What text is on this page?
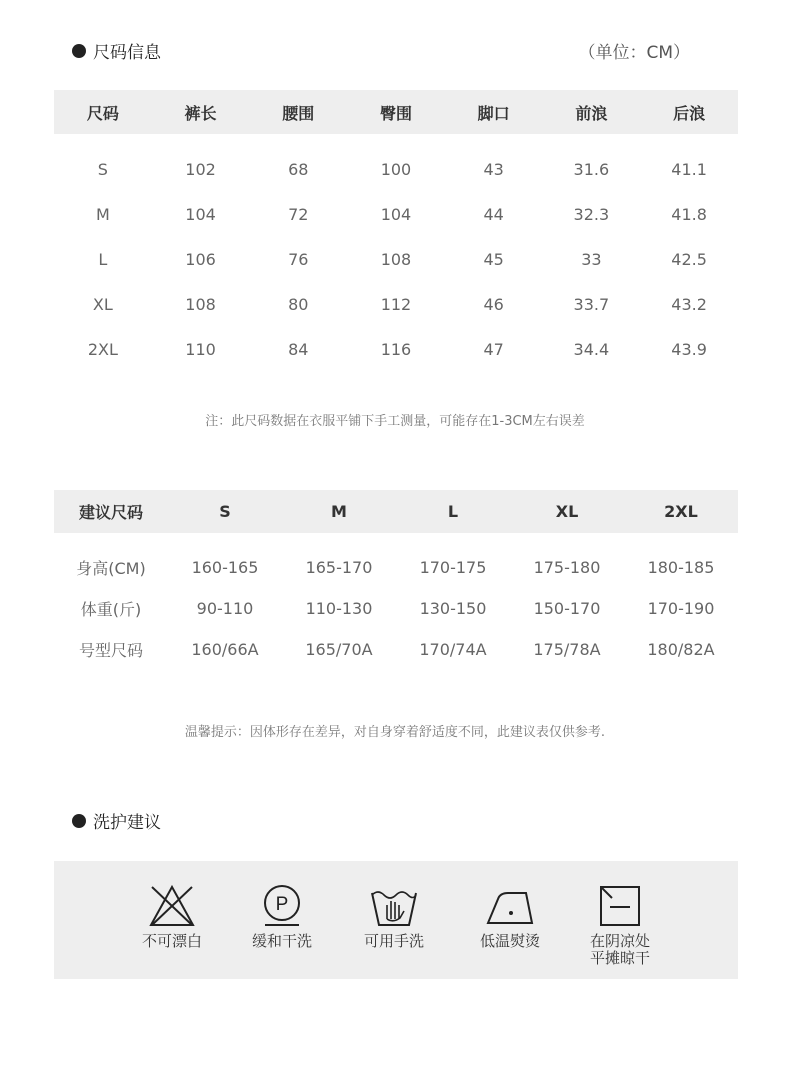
尺码信息	（单位：CM）
尺码	裤长	腰围	臀围	脚口	前浪	后浪
S	102	68	100	43	31.6	41.1
M	104	72	104	44	32.3	41.8
L	106	76	108	45	33	42.5
XL	108	80	112	46	33.7	43.2
2XL	110	84	116	47	34.4	43.9
注：此尺码数据在衣服平铺下手工测量，可能存在1-3CM左右误差
建议尺码	S	M	L	XL	2XL
身高(CM)	160-165	165-170	170-175	175-180	180-185
体重(斤)	90-110	110-130	130-150	150-170	170-190
号型尺码	160/66A	165/70A	170/74A	175/78A	180/82A
温馨提示：因体形存在差异，对自身穿着舒适度不同，此建议表仅供参考.
洗护建议
不可漂白
P
缓和干洗	可用手洗	低温熨烫	在阴凉处
平摊晾干
